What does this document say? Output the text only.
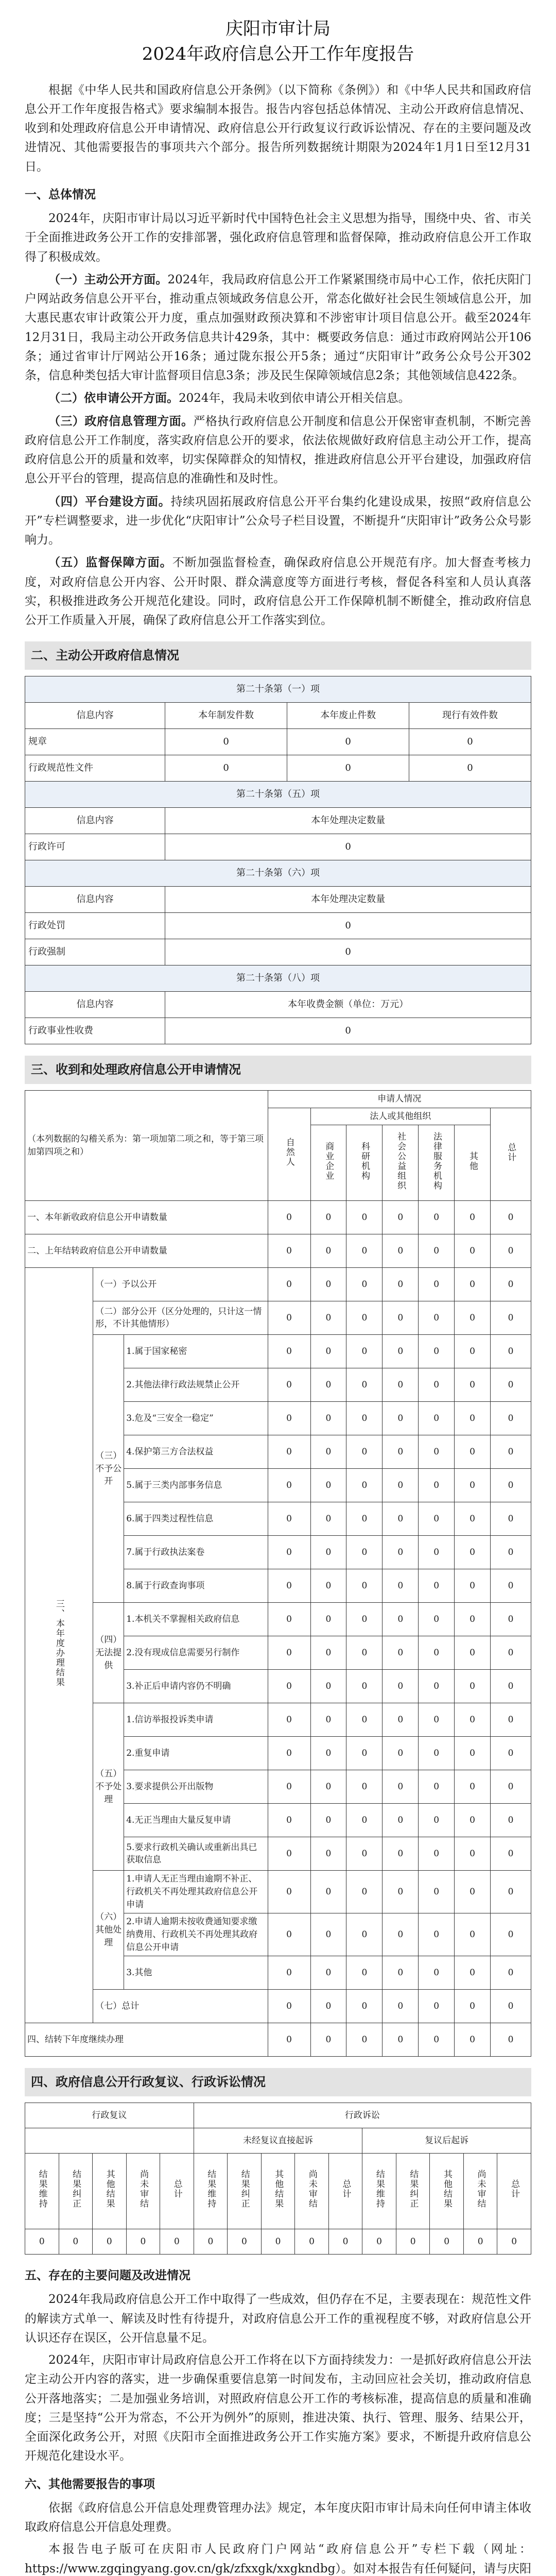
庆阳市审计局
2024年政府信息公开工作年度报告

根据《中华人民共和国政府信息公开条例》（以下简称《条例》）和《中华人民共和国政府信息公开工作年度报告格式》要求编制本报告。报告内容包括总体情况、主动公开政府信息情况、收到和处理政府信息公开申请情况、政府信息公开行政复议行政诉讼情况、存在的主要问题及改进情况、其他需要报告的事项共六个部分。报告所列数据统计期限为2024年1月1日至12月31日。

一、总体情况

2024年，庆阳市审计局以习近平新时代中国特色社会主义思想为指导，围绕中央、省、市关于全面推进政务公开工作的安排部署，强化政府信息管理和监督保障，推动政府信息公开工作取得了积极成效。

（一）主动公开方面。2024年，我局政府信息公开工作紧紧围绕市局中心工作，依托庆阳门户网站政务信息公开平台，推动重点领域政务信息公开，常态化做好社会民生领域信息公开，加大惠民惠农审计政策公开力度，重点加强财政预决算和不涉密审计项目信息公开。截至2024年12月31日，我局主动公开政务信息共计429条，其中：概要政务信息：通过市政府网站公开106条；通过省审计厅网站公开16条；通过陇东报公开5条；通过“庆阳审计”政务公众号公开302条，信息种类包括大审计监督项目信息3条；涉及民生保障领域信息2条；其他领域信息422条。

（二）依申请公开方面。2024年，我局未收到依申请公开相关信息。

（三）政府信息管理方面。严格执行政府信息公开制度和信息公开保密审查机制，不断完善政府信息公开工作制度，落实政府信息公开的要求，依法依规做好政府信息主动公开工作，提高政府信息公开的质量和效率，切实保障群众的知情权，推进政府信息公开平台建设，加强政府信息公开平台的管理，提高信息的准确性和及时性。

（四）平台建设方面。持续巩固拓展政府信息公开平台集约化建设成果，按照“政府信息公开”专栏调整要求，进一步优化“庆阳审计”公众号子栏目设置，不断提升“庆阳审计”政务公众号影响力。

（五）监督保障方面。不断加强监督检查，确保政府信息公开规范有序。加大督查考核力度，对政府信息公开内容、公开时限、群众满意度等方面进行考核，督促各科室和人员认真落实，积极推进政务公开规范化建设。同时，政府信息公开工作保障机制不断健全，推动政府信息公开工作质量入开展，确保了政府信息公开工作落实到位。

二、主动公开政府信息情况
第二十条第（一）项			
信息内容	本年制发件数	本年废止件数	现行有效件数
规章	0	0	0
行政规范性文件	0	0	0
第二十条第（五）项			
信息内容	本年处理决定数量		
行政许可	0		
第二十条第（六）项			
信息内容	本年处理决定数量		
行政处罚	0		
行政强制	0		
第二十条第（八）项			
信息内容	本年收费金额（单位：万元）		
行政事业性收费	0		
三、收到和处理政府信息公开申请情况
（本列数据的勾稽关系为：第一项加第二项之和，等于第三项加第四项之和）			申请人情况						
			自然人	法人或其他组织					总计
				商业企业	科研机构	社会公益组织	法律服务机构	其他	
一、本年新收政府信息公开申请数量			0	0	0	0	0	0	0
二、上年结转政府信息公开申请数量			0	0	0	0	0	0	0
三、本年度办理结果	（一）予以公开		0	0	0	0	0	0	0
	（二）部分公开（区分处理的，只计这一情形，不计其他情形）		0	0	0	0	0	0	0
	（三）不予公开	1.属于国家秘密	0	0	0	0	0	0	0
		2.其他法律行政法规禁止公开	0	0	0	0	0	0	0
		3.危及“三安全一稳定”	0	0	0	0	0	0	0
		4.保护第三方合法权益	0	0	0	0	0	0	0
		5.属于三类内部事务信息	0	0	0	0	0	0	0
		6.属于四类过程性信息	0	0	0	0	0	0	0
		7.属于行政执法案卷	0	0	0	0	0	0	0
		8.属于行政查询事项	0	0	0	0	0	0	0
	（四）无法提供	1.本机关不掌握相关政府信息	0	0	0	0	0	0	0
		2.没有现成信息需要另行制作	0	0	0	0	0	0	0
		3.补正后申请内容仍不明确	0	0	0	0	0	0	0
	（五）不予处理	1.信访举报投诉类申请	0	0	0	0	0	0	0
		2.重复申请	0	0	0	0	0	0	0
		3.要求提供公开出版物	0	0	0	0	0	0	0
		4.无正当理由大量反复申请	0	0	0	0	0	0	0
		5.要求行政机关确认或重新出具已获取信息	0	0	0	0	0	0	0
	（六）其他处理	1.申请人无正当理由逾期不补正、行政机关不再处理其政府信息公开申请	0	0	0	0	0	0	0
		2.申请人逾期未按收费通知要求缴纳费用、行政机关不再处理其政府信息公开申请	0	0	0	0	0	0	0
		3.其他	0	0	0	0	0	0	0
	（七）总计		0	0	0	0	0	0	0
四、结转下年度继续办理			0	0	0	0	0	0	0
四、政府信息公开行政复议、行政诉讼情况
行政复议					行政诉讼									
					未经复议直接起诉					复议后起诉				
结果维持	结果纠正	其他结果	尚未审结	总计	结果维持	结果纠正	其他结果	尚未审结	总计	结果维持	结果纠正	其他结果	尚未审结	总计
0	0	0	0	0	0	0	0	0	0	0	0	0	0	0
五、存在的主要问题及改进情况

2024年我局政府信息公开工作中取得了一些成效，但仍存在不足，主要表现在：规范性文件的解读方式单一、解读及时性有待提升，对政府信息公开工作的重视程度不够，对政府信息公开认识还存在误区，公开信息量不足。

2024年，庆阳市审计局政府信息公开工作将在以下方面持续发力：一是抓好政府信息公开法定主动公开内容的落实，进一步确保重要信息第一时间发布，主动回应社会关切，推动政府信息公开落地落实；二是加强业务培训，对照政府信息公开工作的考核标准，提高信息的质量和准确度；三是坚持“公开为常态，不公开为例外”的原则，推进决策、执行、管理、服务、结果公开，全面深化政务公开，对照《庆阳市全面推进政务公开工作实施方案》要求，不断提升政府信息公开规范化建设水平。

六、其他需要报告的事项

依据《政府信息公开信息处理费管理办法》规定，本年度庆阳市审计局未向任何申请主体收取政府信息公开信息处理费。

本报告电子版可在庆阳市人民政府门户网站“政府信息公开”专栏下载（网址：https://www.zgqingyang.gov.cn/gk/zfxxgk/xxgkndbg）。如对本报告有任何疑问，请与庆阳
